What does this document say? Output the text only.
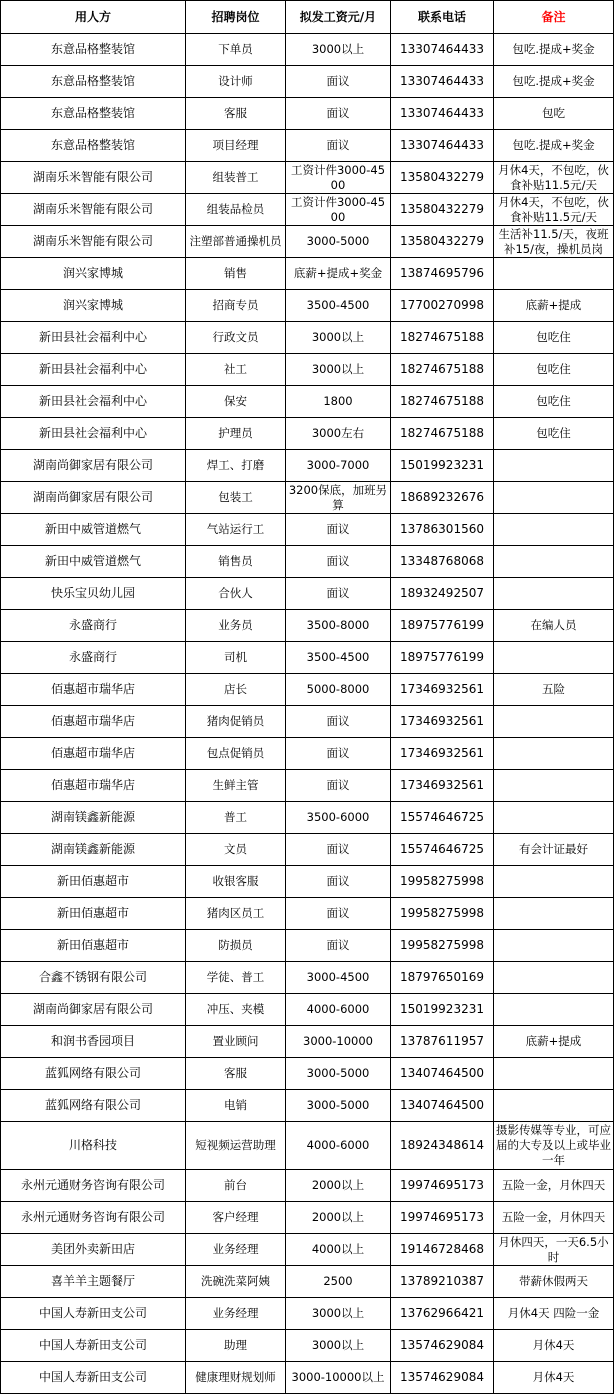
用人方	招聘岗位	拟发工资元/月	联系电话	备注
东意品格整装馆	下单员	3000以上	13307464433	包吃.提成+奖金
东意品格整装馆	设计师	面议	13307464433	包吃.提成+奖金
东意品格整装馆	客服	面议	13307464433	包吃
东意品格整装馆	项目经理	面议	13307464433	包吃.提成+奖金
湖南乐米智能有限公司	组装普工	工资计件3000-4500	13580432279	月休4天，不包吃，伙食补贴11.5元/天
湖南乐米智能有限公司	组装品检员	工资计件3000-4500	13580432279	月休4天，不包吃，伙食补贴11.5元/天
湖南乐米智能有限公司	注塑部普通操机员	3000-5000	13580432279	生活补11.5/天，夜班补15/夜，操机员岗
润兴家博城	销售	底薪+提成+奖金	13874695796	
润兴家博城	招商专员	3500-4500	17700270998	底薪+提成
新田县社会福利中心	行政文员	3000以上	18274675188	包吃住
新田县社会福利中心	社工	3000以上	18274675188	包吃住
新田县社会福利中心	保安	1800	18274675188	包吃住
新田县社会福利中心	护理员	3000左右	18274675188	包吃住
湖南尚御家居有限公司	焊工、打磨	3000-7000	15019923231	
湖南尚御家居有限公司	包装工	3200保底，加班另算	18689232676	
新田中威管道燃气	气站运行工	面议	13786301560	
新田中威管道燃气	销售员	面议	13348768068	
快乐宝贝幼儿园	合伙人	面议	18932492507	
永盛商行	业务员	3500-8000	18975776199	在编人员
永盛商行	司机	3500-4500	18975776199	
佰惠超市瑞华店	店长	5000-8000	17346932561	五险
佰惠超市瑞华店	猪肉促销员	面议	17346932561	
佰惠超市瑞华店	包点促销员	面议	17346932561	
佰惠超市瑞华店	生鲜主管	面议	17346932561	
湖南镁鑫新能源	普工	3500-6000	15574646725	
湖南镁鑫新能源	文员	面议	15574646725	有会计证最好
新田佰惠超市	收银客服	面议	19958275998	
新田佰惠超市	猪肉区员工	面议	19958275998	
新田佰惠超市	防损员	面议	19958275998	
合鑫不锈钢有限公司	学徒、普工	3000-4500	18797650169	
湖南尚御家居有限公司	冲压、夹模	4000-6000	15019923231	
和润书香园项目	置业顾问	3000-10000	13787611957	底薪+提成
蓝狐网络有限公司	客服	3000-5000	13407464500	
蓝狐网络有限公司	电销	3000-5000	13407464500	
川格科技	短视频运营助理	4000-6000	18924348614	摄影传媒等专业，可应届的大专及以上或毕业一年
永州元通财务咨询有限公司	前台	2000以上	19974695173	五险一金，月休四天
永州元通财务咨询有限公司	客户经理	2000以上	19974695173	五险一金，月休四天
美团外卖新田店	业务经理	4000以上	19146728468	月休四天，一天6.5小时
喜羊羊主题餐厅	洗碗洗菜阿姨	2500	13789210387	带薪休假两天
中国人寿新田支公司	业务经理	3000以上	13762966421	月休4天 四险一金
中国人寿新田支公司	助理	3000以上	13574629084	月休4天
中国人寿新田支公司	健康理财规划师	3000-10000以上	13574629084	月休4天
